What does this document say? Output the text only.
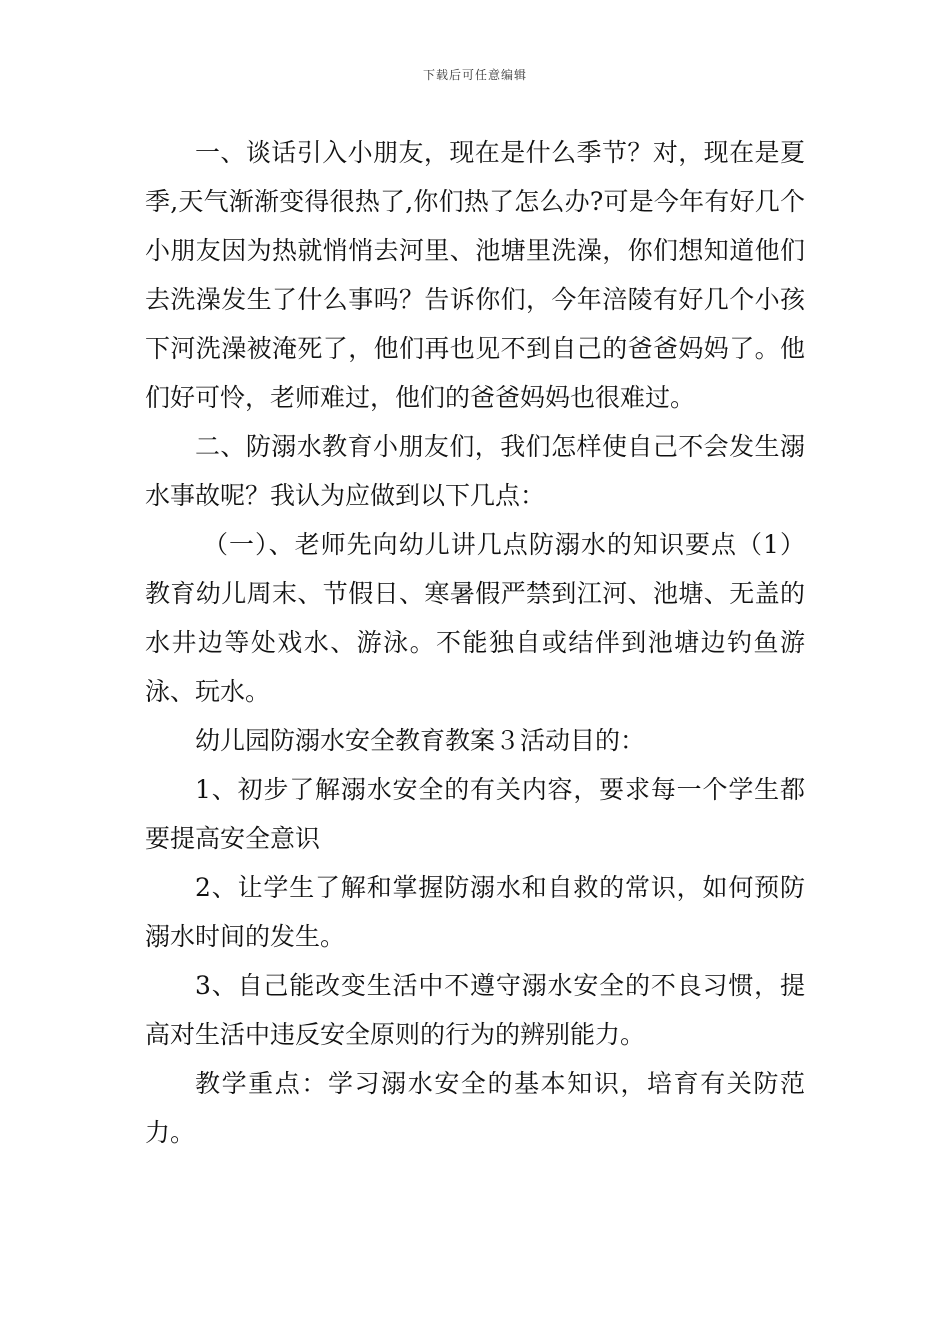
下载后可任意编辑

一、谈话引入小朋友，现在是什么季节？对，现在是夏季,天气渐渐变得很热了,你们热了怎么办?可是今年有好几个小朋友因为热就悄悄去河里、池塘里洗澡，你们想知道他们去洗澡发生了什么事吗？告诉你们，今年涪陵有好几个小孩下河洗澡被淹死了，他们再也见不到自己的爸爸妈妈了。他们好可怜，老师难过，他们的爸爸妈妈也很难过。

二、防溺水教育小朋友们，我们怎样使自己不会发生溺水事故呢？我认为应做到以下几点：

（一）、老师先向幼儿讲几点防溺水的知识要点（1）教育幼儿周末、节假日、寒暑假严禁到江河、池塘、无盖的水井边等处戏水、游泳。不能独自或结伴到池塘边钓鱼游泳、玩水。

幼儿园防溺水安全教育教案３活动目的：

1、初步了解溺水安全的有关内容，要求每一个学生都要提高安全意识

2、让学生了解和掌握防溺水和自救的常识，如何预防溺水时间的发生。

3、自己能改变生活中不遵守溺水安全的不良习惯，提高对生活中违反安全原则的行为的辨别能力。

教学重点：学习溺水安全的基本知识，培育有关防范力。
